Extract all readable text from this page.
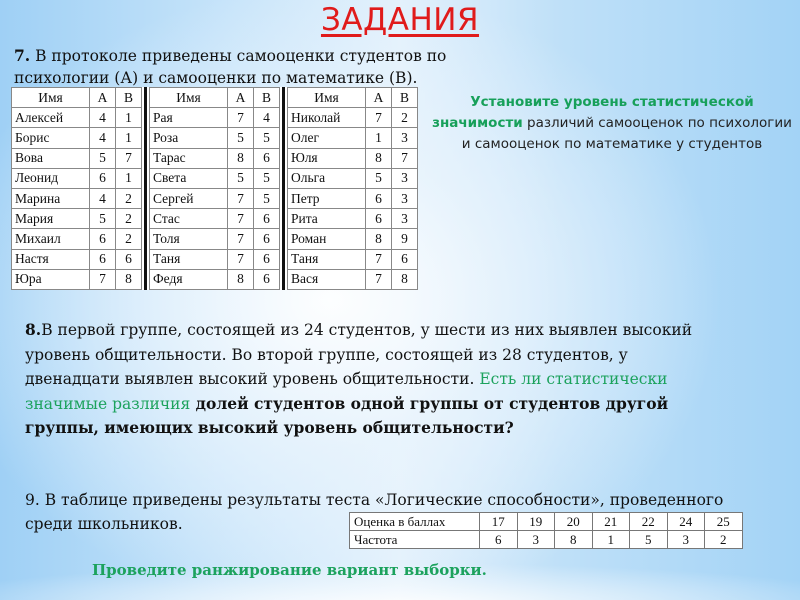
ЗАДАНИЯ
7. В протоколе приведены самооценки студентов по психологии (А) и самооценки по математике (В).
Имя	А	В
Алексей	4	1
Борис	4	1
Вова	5	7
Леонид	6	1
Марина	4	2
Мария	5	2
Михаил	6	2
Настя	6	6
Юра	7	8
Имя	А	В
Рая	7	4
Роза	5	5
Тарас	8	6
Света	5	5
Сергей	7	5
Стас	7	6
Толя	7	6
Таня	7	6
Федя	8	6
Имя	А	В
Николай	7	2
Олег	1	3
Юля	8	7
Ольга	5	3
Петр	6	3
Рита	6	3
Роман	8	9
Таня	7	6
Вася	7	8
Установите уровень статистической значимости различий самооценок по психологии и самооценок по математике у студентов
8.В первой группе, состоящей из 24 студентов, у шести из них выявлен высокий уровень общительности. Во второй группе, состоящей из 28 студентов, у двенадцати выявлен высокий уровень общительности. Есть ли статистически значимые различия долей студентов одной группы от студентов другой группы, имеющих высокий уровень общительности?
9. В таблице приведены результаты теста «Логические способности», проведенного среди школьников.	Оценка в баллах	17	19	20	21	22	24	25
Частота	6	3	8	1	5	3	2
Проведите ранжирование вариант выборки.
